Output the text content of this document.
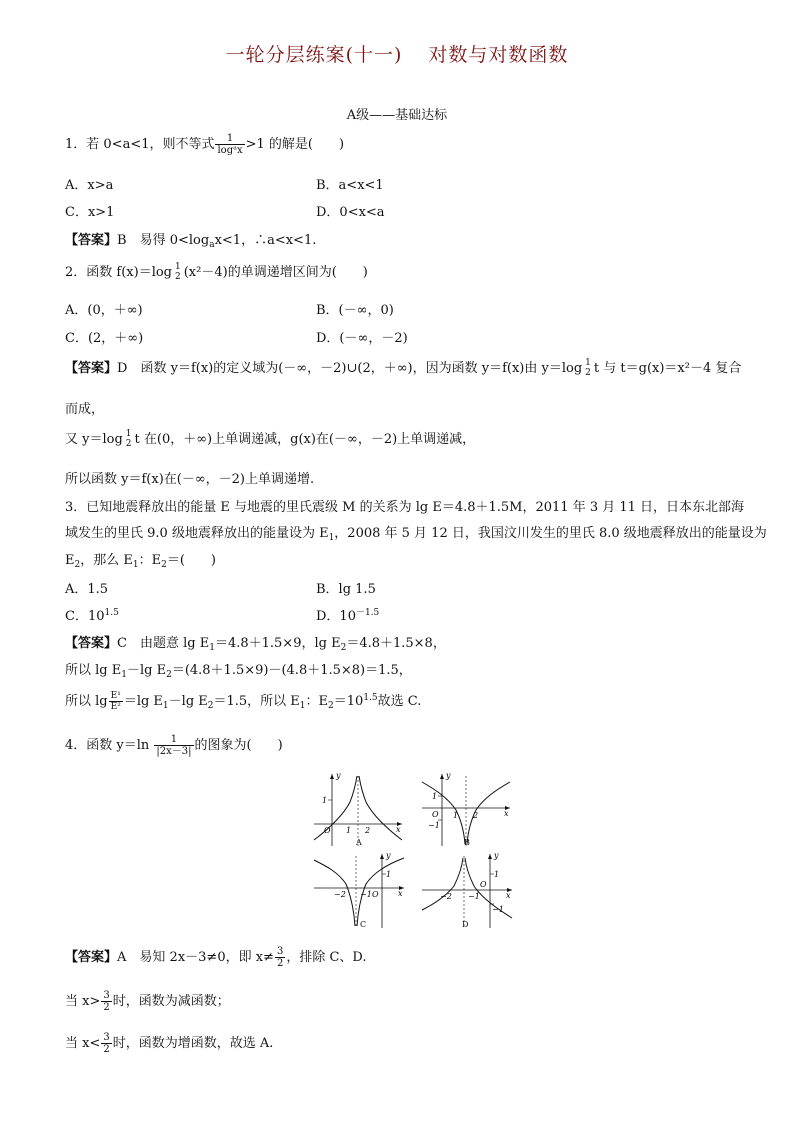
一轮分层练案(十一) 对数与对数函数
A级——基础达标
1．若 0<a<1，则不等式 $\frac{1}{\text{logᵃx}} >1$ 的解是(　　)
A．x>a	B．a<x<1
C．x>1	D．0<x<a
【答案】B　 易得 $0<\log_ax<1$，∴a<x<1.
2．函数 f(x)＝log 1
2 (x²－4)的单调递增区间为(　　)
A．(0，＋∞)	B．(－∞，0)
C．(2，＋∞)	D．(－∞，－2)
【答案】D　 函数 y＝f(x)的定义域为(－∞，－2)∪(2，＋∞)，因为函数 y＝f(x)由 y＝log 1
2 t 与 t＝g(x)＝x²－4 复合
而成，
又 y＝log 1
2 t 在(0，＋∞)上单调递减，g(x)在(－∞，－2)上单调递减，
所以函数 y＝f(x)在(－∞，－2)上单调递增.
3．已知地震释放出的能量 E 与地震的里氏震级 M 的关系为 lg E＝4.8＋1.5M，2011 年 3 月 11 日，日本东北部海
域发生的里氏 9.0 级地震释放出的能量设为 $E_1$，2008 年 5 月 12 日，我国汶川发生的里氏 8.0 级地震释放出的能量设为
$E_2$，那么 $E_1$：$E_2=$(　　)
A．1.5	B．lg 1.5
C．$10^{1.5}$	D．$10^{-1.5}$
【答案】C　 由题意 $\lg E_1=4.8+1.5\times 9$，$\lg E_2=4.8+1.5\times 8$，
所以 $\lg E_1-\lg$ $E_2=(4.8+1.5\times 9)-(4.8+1.5\times 8)=1.5$，
所以 $\lg \frac{\text{E¹}}{\text{E²}} =\lg$ $E_1-\lg$ $E_2=1.5$，所以 $E_1$：$E_2=10^{1.5}$故选 C.
4．函数 $y=\ln \frac{1}{|2x-3|}$ 的图象为(　　)
y
1
O 1 2	x
A
y
1
O
−1
1 2	x
B
y
1
−2 −1 O x
C
y
1
−2 −1
O
−1
x
D
【答案】A　 易知 2x－3≠0，即 $x\ne \frac{3}{2}$ ，排除 C、D.
当 $x> \frac{3}{2}$ 时，函数为减函数；
当 $x< \frac{3}{2}$ 时，函数为增函数，故选 A.
